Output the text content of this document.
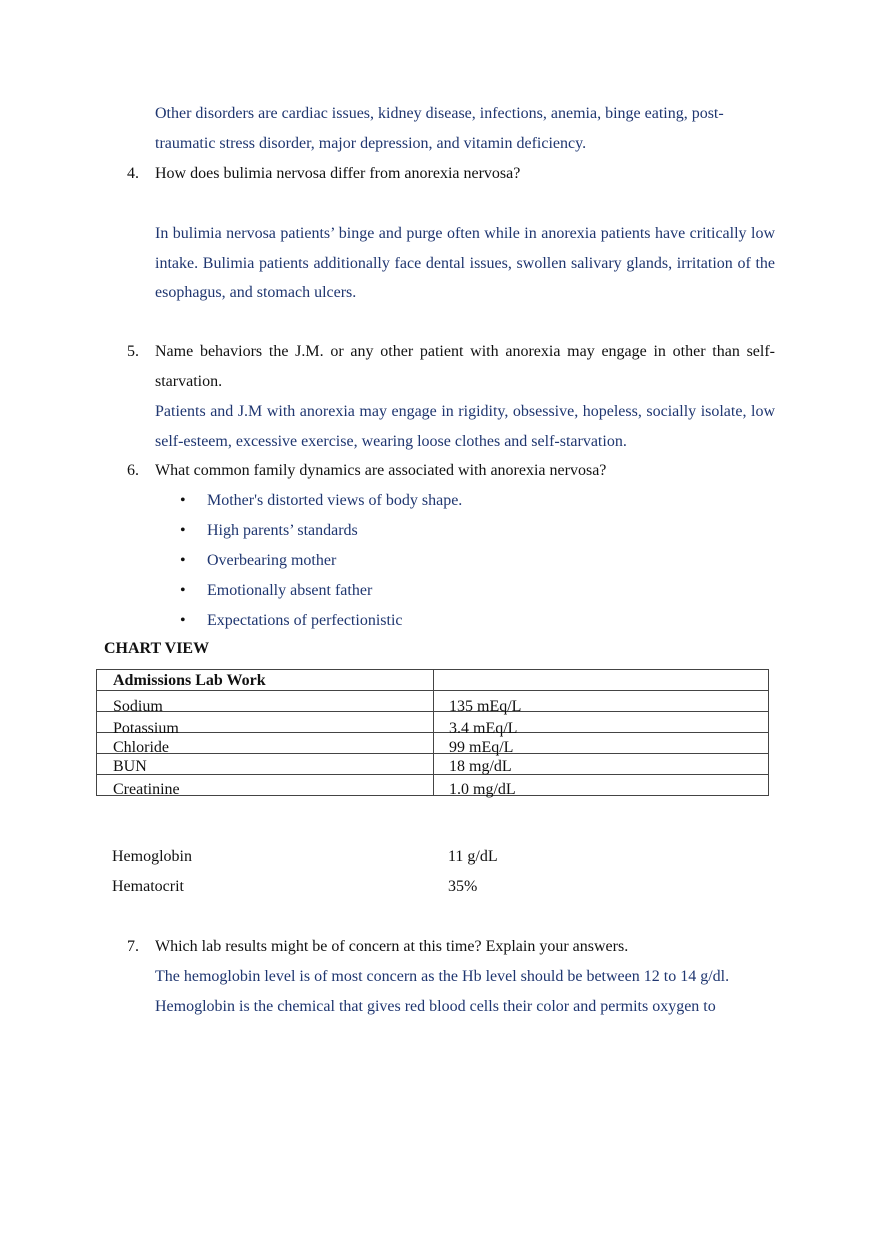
Other disorders are cardiac issues, kidney disease, infections, anemia, binge eating, post-
traumatic stress disorder, major depression, and vitamin deficiency.
4. How does bulimia nervosa differ from anorexia nervosa?
In bulimia nervosa patients’ binge and purge often while in anorexia patients have critically low intake. Bulimia patients additionally face dental issues, swollen salivary glands, irritation of the esophagus, and stomach ulcers.
5. Name behaviors the J.M. or any other patient with anorexia may engage in other than self-starvation.
Patients and J.M with anorexia may engage in rigidity, obsessive, hopeless, socially isolate, low self-esteem, excessive exercise, wearing loose clothes and self-starvation.
6. What common family dynamics are associated with anorexia nervosa?
• Mother's distorted views of body shape.
• High parents’ standards
• Overbearing mother
• Emotionally absent father
• Expectations of perfectionistic
CHART VIEW
Admissions Lab Work
Sodium	135 mEq/L
Potassium	3.4 mEq/L
Chloride	99 mEq/L
BUN	18 mg/dL
Creatinine	1.0 mg/dL
Hemoglobin	11 g/dL
Hematocrit	35%
7. Which lab results might be of concern at this time? Explain your answers.
The hemoglobin level is of most concern as the Hb level should be between 12 to 14 g/dl.
Hemoglobin is the chemical that gives red blood cells their color and permits oxygen to
